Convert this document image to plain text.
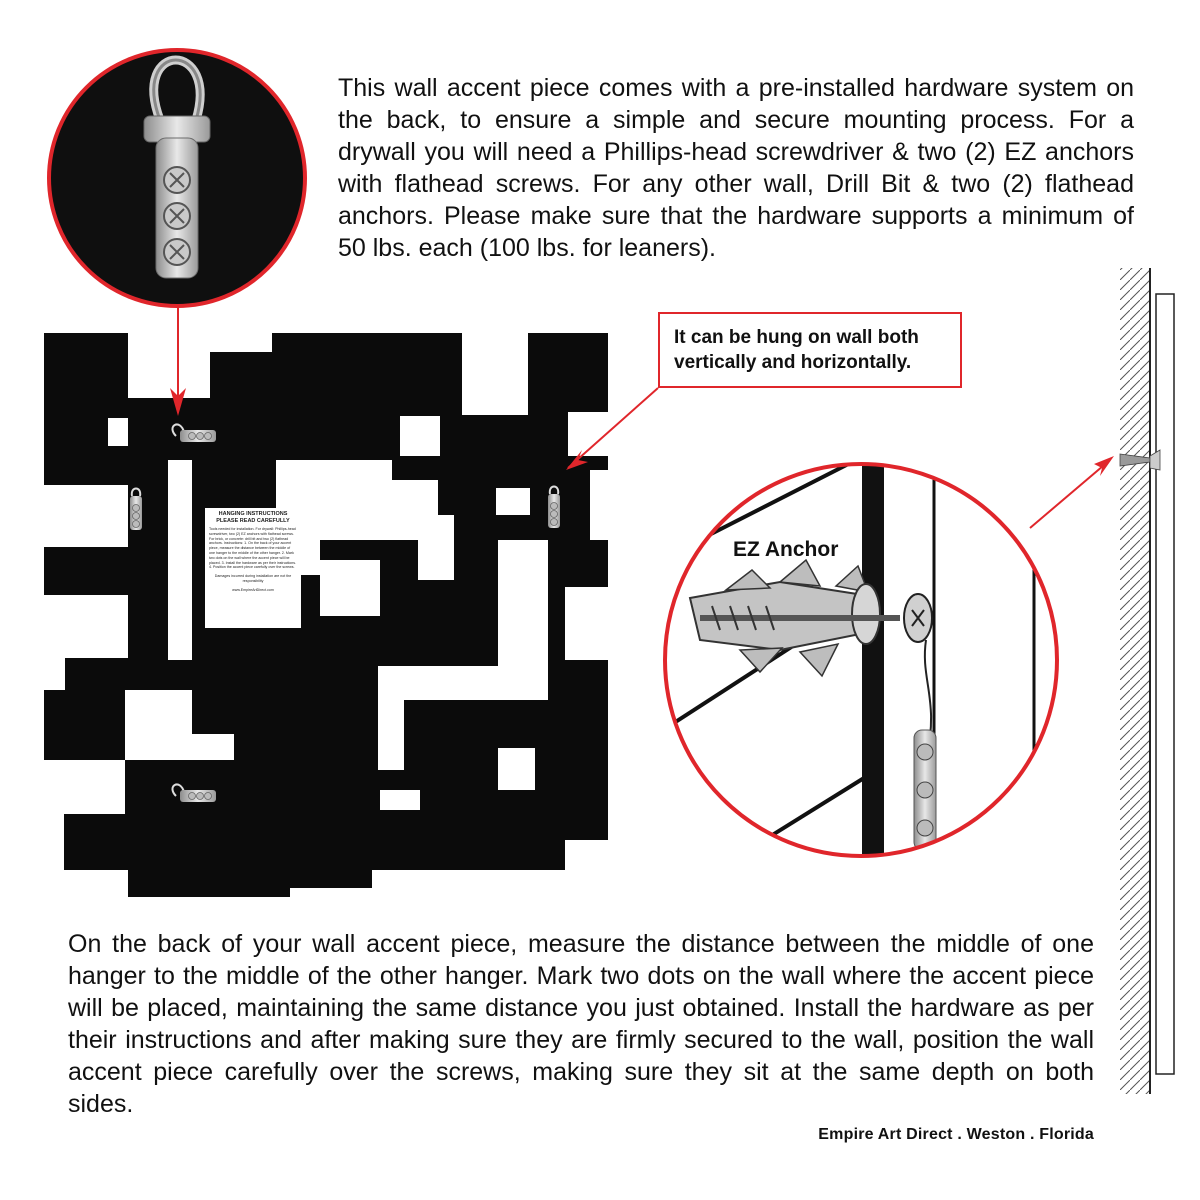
This wall accent piece comes with a pre-installed hardware system on the back, to ensure a simple and secure mounting process. For a drywall you will need a Phillips-head screwdriver & two (2) EZ anchors with flathead screws. For any other wall, Drill Bit & two (2) flathead anchors. Please make sure that the hardware supports a minimum of 50 lbs. each (100 lbs. for leaners).
It can be hung on wall both vertically and horizontally.
EZ Anchor
HANGING INSTRUCTIONS
PLEASE READ CAREFULLY
Tools needed for installation. For drywall: Phillips-head screwdriver, two (2) EZ anchors with flathead screws. For brick, or concrete: drill bit and two (2) flathead anchors. Instructions: 1. On the back of your accent piece, measure the distance between the middle of one hanger to the middle of the other hanger. 2. Mark two dots on the wall where the accent piece will be placed. 3. Install the hardware as per their instructions. 4. Position the accent piece carefully over the screws.
Damages incurred during installation are not the responsibility
www.EmpireArtDirect.com
On the back of your wall accent piece, measure the distance between the middle of one hanger to the middle of the other hanger. Mark two dots on the wall where the accent piece will be placed, maintaining the same distance you just obtained. Install the hardware as per their instructions and after making sure they are firmly secured to the wall, position the wall accent piece carefully over the screws, making sure they sit at the same depth on both sides.
Empire Art Direct . Weston . Florida
